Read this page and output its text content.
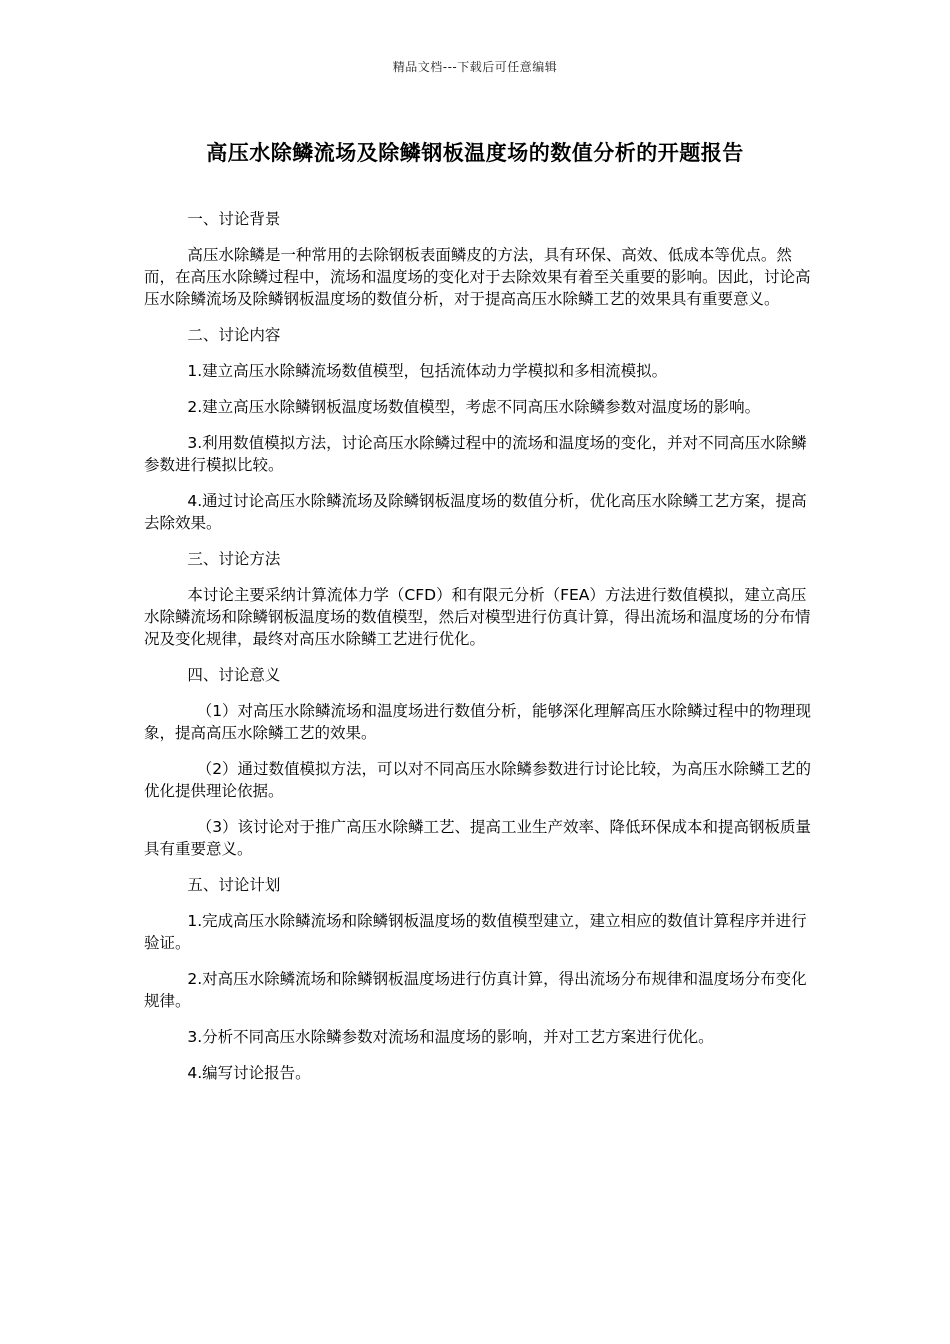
精品文档---下载后可任意编辑
高压水除鳞流场及除鳞钢板温度场的数值分析的开题报告
一、讨论背景

高压水除鳞是一种常用的去除钢板表面鳞皮的方法，具有环保、高效、低成本等优点。然而，在高压水除鳞过程中，流场和温度场的变化对于去除效果有着至关重要的影响。因此，讨论高压水除鳞流场及除鳞钢板温度场的数值分析，对于提高高压水除鳞工艺的效果具有重要意义。

二、讨论内容

1.建立高压水除鳞流场数值模型，包括流体动力学模拟和多相流模拟。

2.建立高压水除鳞钢板温度场数值模型，考虑不同高压水除鳞参数对温度场的影响。

3.利用数值模拟方法，讨论高压水除鳞过程中的流场和温度场的变化，并对不同高压水除鳞参数进行模拟比较。

4.通过讨论高压水除鳞流场及除鳞钢板温度场的数值分析，优化高压水除鳞工艺方案，提高去除效果。

三、讨论方法

本讨论主要采纳计算流体力学（CFD）和有限元分析（FEA）方法进行数值模拟，建立高压水除鳞流场和除鳞钢板温度场的数值模型，然后对模型进行仿真计算，得出流场和温度场的分布情况及变化规律，最终对高压水除鳞工艺进行优化。

四、讨论意义

（1）对高压水除鳞流场和温度场进行数值分析，能够深化理解高压水除鳞过程中的物理现象，提高高压水除鳞工艺的效果。

（2）通过数值模拟方法，可以对不同高压水除鳞参数进行讨论比较，为高压水除鳞工艺的优化提供理论依据。

（3）该讨论对于推广高压水除鳞工艺、提高工业生产效率、降低环保成本和提高钢板质量具有重要意义。

五、讨论计划

1.完成高压水除鳞流场和除鳞钢板温度场的数值模型建立，建立相应的数值计算程序并进行验证。

2.对高压水除鳞流场和除鳞钢板温度场进行仿真计算，得出流场分布规律和温度场分布变化规律。

3.分析不同高压水除鳞参数对流场和温度场的影响，并对工艺方案进行优化。

4.编写讨论报告。
